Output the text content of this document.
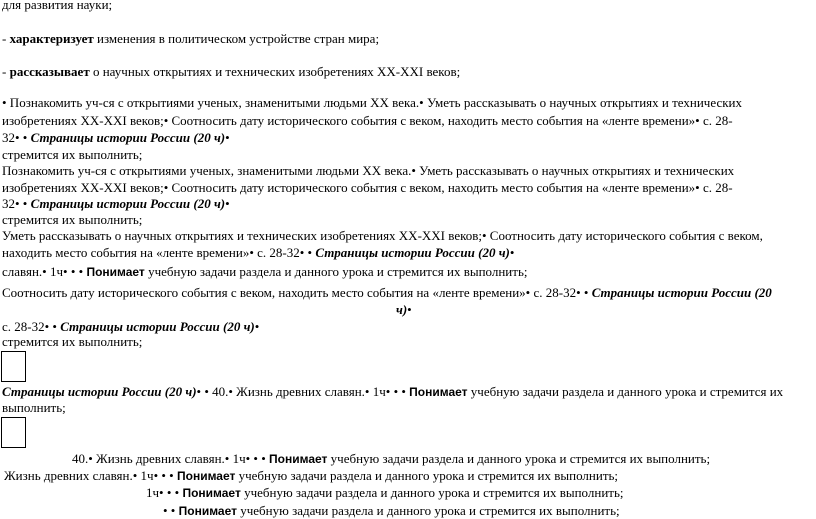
для развития науки;
- характеризует изменения в политическом устройстве стран мира;
- рассказывает о научных открытиях и технических изобретениях XX-XXI веков;
• Познакомить уч-ся с открытиями ученых, знаменитыми людьми XX века.• Уметь рассказывать о научных открытиях и технических
изобретениях XX-XXI веков;• Соотносить дату исторического события с веком, находить место события на «ленте времени»• с. 28-
32• • Страницы истории России (20 ч)•
стремится их выполнить;
Познакомить уч-ся с открытиями ученых, знаменитыми людьми XX века.• Уметь рассказывать о научных открытиях и технических
изобретениях XX-XXI веков;• Соотносить дату исторического события с веком, находить место события на «ленте времени»• с. 28-
32• • Страницы истории России (20 ч)•
стремится их выполнить;
Уметь рассказывать о научных открытиях и технических изобретениях XX-XXI веков;• Соотносить дату исторического события с веком,
находить место события на «ленте времени»• с. 28-32• • Страницы истории России (20 ч)•
славян.• 1ч• • • Понимает учебную задачи раздела и данного урока и стремится их выполнить;
Соотносить дату исторического события с веком, находить место события на «ленте времени»• с. 28-32• • Страницы истории России (20
ч)•
с. 28-32• • Страницы истории России (20 ч)•
стремится их выполнить;
Страницы истории России (20 ч)• • 40.• Жизнь древних славян.• 1ч• • • Понимает учебную задачи раздела и данного урока и стремится их
выполнить;
40.• Жизнь древних славян.• 1ч• • • Понимает учебную задачи раздела и данного урока и стремится их выполнить;
Жизнь древних славян.• 1ч• • • Понимает учебную задачи раздела и данного урока и стремится их выполнить;
1ч• • • Понимает учебную задачи раздела и данного урока и стремится их выполнить;
• • Понимает учебную задачи раздела и данного урока и стремится их выполнить;
